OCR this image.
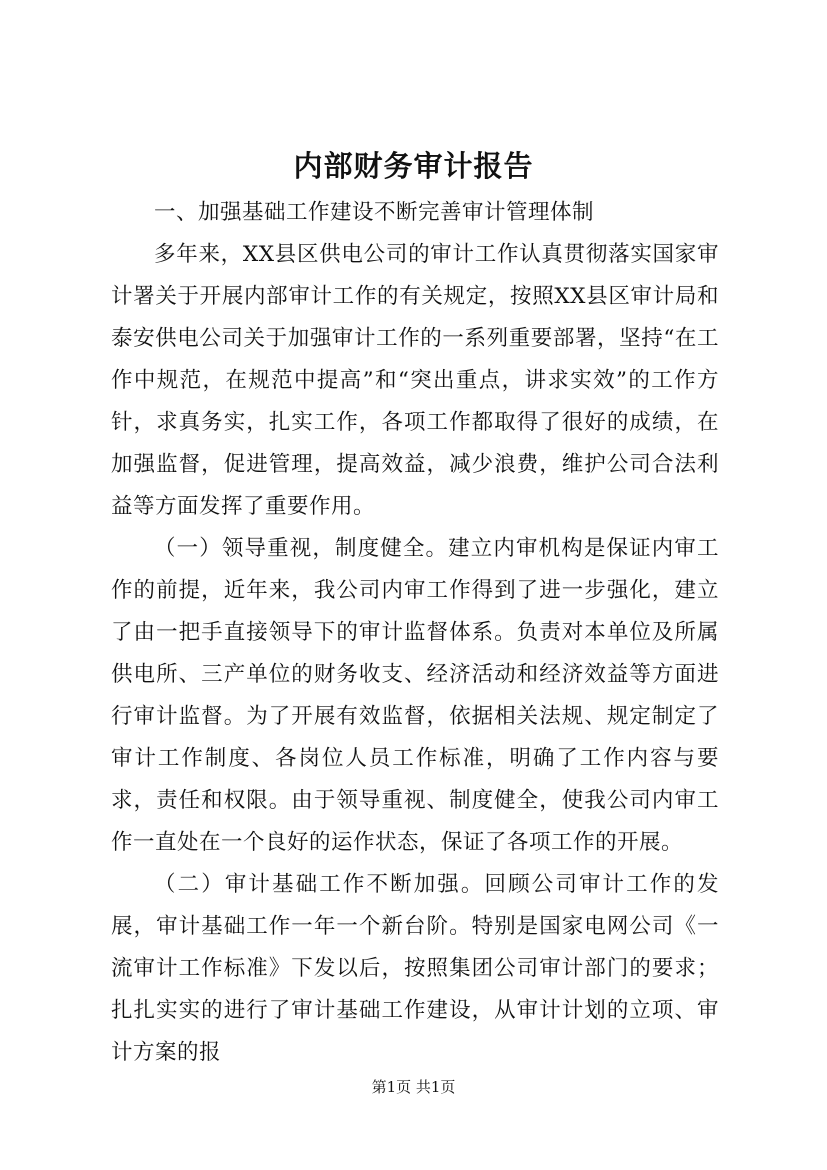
内部财务审计报告

一、加强基础工作建设不断完善审计管理体制

多年来，XX县区供电公司的审计工作认真贯彻落实国家审计署关于开展内部审计工作的有关规定，按照XX县区审计局和泰安供电公司关于加强审计工作的一系列重要部署，坚持“在工作中规范，在规范中提高”和“突出重点，讲求实效”的工作方针，求真务实，扎实工作，各项工作都取得了很好的成绩，在加强监督，促进管理，提高效益，减少浪费，维护公司合法利益等方面发挥了重要作用。

（一）领导重视，制度健全。建立内审机构是保证内审工作的前提，近年来，我公司内审工作得到了进一步强化，建立了由一把手直接领导下的审计监督体系。负责对本单位及所属供电所、三产单位的财务收支、经济活动和经济效益等方面进行审计监督。为了开展有效监督，依据相关法规、规定制定了审计工作制度、各岗位人员工作标准，明确了工作内容与要求，责任和权限。由于领导重视、制度健全，使我公司内审工作一直处在一个良好的运作状态，保证了各项工作的开展。

（二）审计基础工作不断加强。回顾公司审计工作的发展，审计基础工作一年一个新台阶。特别是国家电网公司《一流审计工作标准》下发以后，按照集团公司审计部门的要求；扎扎实实的进行了审计基础工作建设，从审计计划的立项、审计方案的报

第1页 共1页
